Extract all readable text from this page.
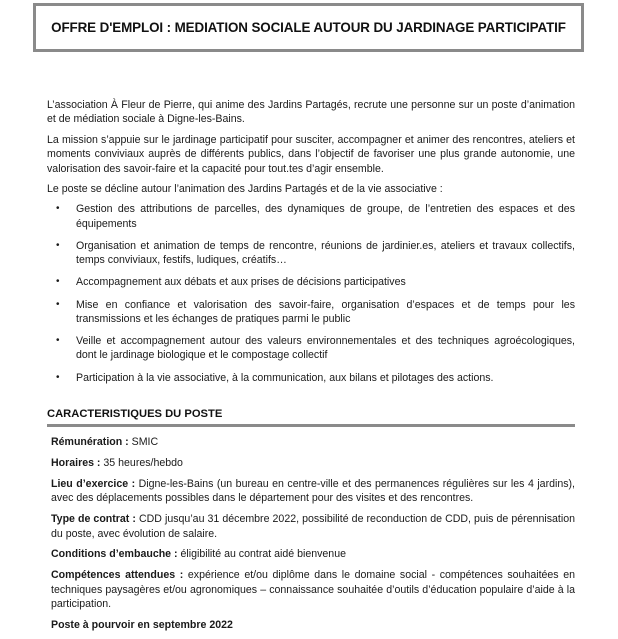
OFFRE D'EMPLOI : MEDIATION SOCIALE AUTOUR DU JARDINAGE PARTICIPATIF

L’association À Fleur de Pierre, qui anime des Jardins Partagés, recrute une personne sur un poste d’animation et de médiation sociale à Digne-les-Bains.

La mission s’appuie sur le jardinage participatif pour susciter, accompagner et animer des rencontres, ateliers et moments conviviaux auprès de différents publics, dans l’objectif de favoriser une plus grande autonomie, une valorisation des savoir-faire et la capacité pour tout.tes d’agir ensemble.

Le poste se décline autour l’animation des Jardins Partagés et de la vie associative :

• Gestion des attributions de parcelles, des dynamiques de groupe, de l’entretien des espaces et des équipements
• Organisation et animation de temps de rencontre, réunions de jardinier.es, ateliers et travaux collectifs, temps conviviaux, festifs, ludiques, créatifs…
• Accompagnement aux débats et aux prises de décisions participatives
• Mise en confiance et valorisation des savoir-faire, organisation d’espaces et de temps pour les transmissions et les échanges de pratiques parmi le public
• Veille et accompagnement autour des valeurs environnementales et des techniques agroécologiques, dont le jardinage biologique et le compostage collectif
• Participation à la vie associative, à la communication, aux bilans et pilotages des actions.
CARACTERISTIQUES DU POSTE

Rémunération : SMIC

Horaires : 35 heures/hebdo

Lieu d’exercice : Digne-les-Bains (un bureau en centre-ville et des permanences régulières sur les 4 jardins), avec des déplacements possibles dans le département pour des visites et des rencontres.

Type de contrat : CDD jusqu’au 31 décembre 2022, possibilité de reconduction de CDD, puis de pérennisation du poste, avec évolution de salaire.

Conditions d’embauche : éligibilité au contrat aidé bienvenue

Compétences attendues : expérience et/ou diplôme dans le domaine social - compétences souhaitées en techniques paysagères et/ou agronomiques – connaissance souhaitée d’outils d’éducation populaire d’aide à la participation.

Poste à pourvoir en septembre 2022
